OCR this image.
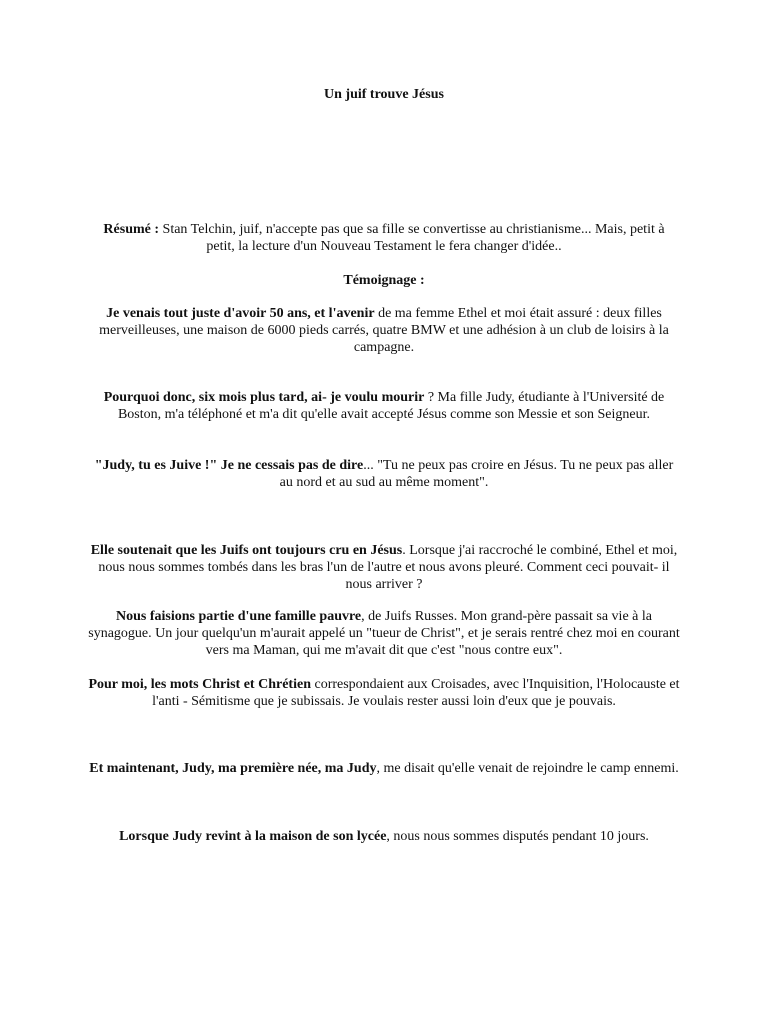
Un juif trouve Jésus
Résumé : Stan Telchin, juif, n'accepte pas que sa fille se convertisse au christianisme... Mais, petit à petit, la lecture d'un Nouveau Testament le fera changer d'idée..
Témoignage :
Je venais tout juste d'avoir 50 ans, et l'avenir de ma femme Ethel et moi était assuré : deux filles merveilleuses, une maison de 6000 pieds carrés, quatre BMW et une adhésion à un club de loisirs à la campagne.
Pourquoi donc, six mois plus tard, ai- je voulu mourir ? Ma fille Judy, étudiante à l'Université de Boston, m'a téléphoné et m'a dit qu'elle avait accepté Jésus comme son Messie et son Seigneur.
"Judy, tu es Juive !" Je ne cessais pas de dire... "Tu ne peux pas croire en Jésus. Tu ne peux pas aller au nord et au sud au même moment".
Elle soutenait que les Juifs ont toujours cru en Jésus. Lorsque j'ai raccroché le combiné, Ethel et moi, nous nous sommes tombés dans les bras l'un de l'autre et nous avons pleuré. Comment ceci pouvait- il nous arriver ?
Nous faisions partie d'une famille pauvre, de Juifs Russes. Mon grand-père passait sa vie à la synagogue. Un jour quelqu'un m'aurait appelé un "tueur de Christ", et je serais rentré chez moi en courant vers ma Maman, qui me m'avait dit que c'est "nous contre eux".
Pour moi, les mots Christ et Chrétien correspondaient aux Croisades, avec l'Inquisition, l'Holocauste et l'anti - Sémitisme que je subissais. Je voulais rester aussi loin d'eux que je pouvais.
Et maintenant, Judy, ma première née, ma Judy, me disait qu'elle venait de rejoindre le camp ennemi.
Lorsque Judy revint à la maison de son lycée, nous nous sommes disputés pendant 10 jours.
